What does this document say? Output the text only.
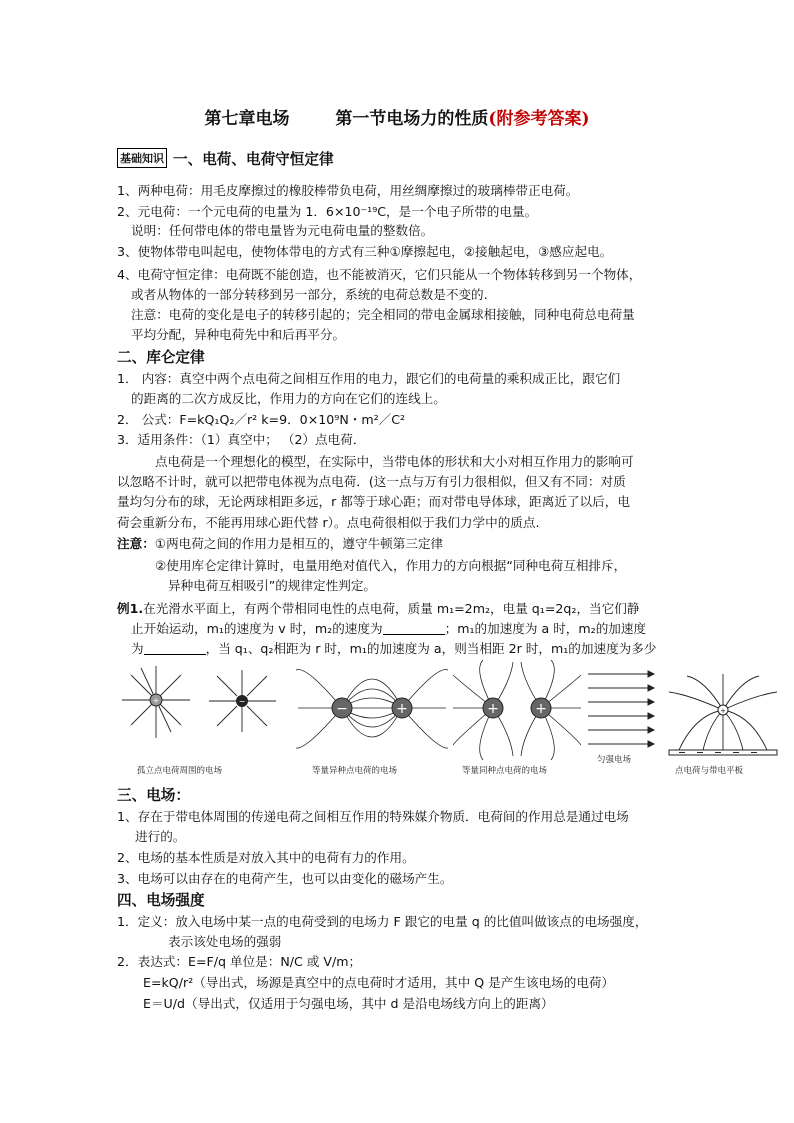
第七章电场	第一节电场力的性质(附参考答案)
基础知识 一、电荷、电荷守恒定律
1、两种电荷：用毛皮摩擦过的橡胶棒带负电荷，用丝绸摩擦过的玻璃棒带正电荷。
2、元电荷：一个元电荷的电量为 1．6×10⁻¹⁹C，是一个电子所带的电量。
说明：任何带电体的带电量皆为元电荷电量的整数倍。
3、使物体带电叫起电，使物体带电的方式有三种①摩擦起电，②接触起电，③感应起电。
4、电荷守恒定律：电荷既不能创造，也不能被消灭，它们只能从一个物体转移到另一个物体，
或者从物体的一部分转移到另一部分，系统的电荷总数是不变的.
注意：电荷的变化是电子的转移引起的；完全相同的带电金属球相接触，同种电荷总电荷量
平均分配，异种电荷先中和后再平分。
二、库仑定律
1． 内容：真空中两个点电荷之间相互作用的电力，跟它们的电荷量的乘积成正比，跟它们
的距离的二次方成反比，作用力的方向在它们的连线上。
2． 公式：F=kQ₁Q₂／r² k=9．0×10⁹N・m²／C²
3．适用条件：（1）真空中； （2）点电荷．
点电荷是一个理想化的模型，在实际中，当带电体的形状和大小对相互作用力的影响可
以忽略不计时，就可以把带电体视为点电荷．(这一点与万有引力很相似，但又有不同：对质
量均匀分布的球，无论两球相距多远，r 都等于球心距；而对带电导体球，距离近了以后，电
荷会重新分布，不能再用球心距代替 r）。点电荷很相似于我们力学中的质点.
注意：①两电荷之间的作用力是相互的，遵守牛顿第三定律
②使用库仑定律计算时，电量用绝对值代入，作用力的方向根据“同种电荷互相排斥，
异种电荷互相吸引”的规律定性判定。
例1.在光滑水平面上，有两个带相同电性的点电荷，质量 m₁=2m₂，电量 q₁=2q₂，当它们静
止开始运动，m₁的速度为 v 时，m₂的速度为	；m₁的加速度为 a 时，m₂的加速度
为	，当 q₁、q₂相距为 r 时，m₁的加速度为 a，则当相距 2r 时，m₁的加速度为多少
+	−	−	+	+	+	+
孤立点电荷周围的电场	等量异种点电荷的电场	等量同种点电荷的电场
匀强电场
点电荷与带电平板
三、电场：
1、存在于带电体周围的传递电荷之间相互作用的特殊媒介物质．电荷间的作用总是通过电场
进行的。
2、电场的基本性质是对放入其中的电荷有力的作用。
3、电场可以由存在的电荷产生，也可以由变化的磁场产生。
四、电场强度
1．定义：放入电场中某一点的电荷受到的电场力 F 跟它的电量 q 的比值叫做该点的电场强度，
表示该处电场的强弱
2．表达式：E=F/q 单位是：N/C 或 V/m；
E=kQ/r²（导出式，场源是真空中的点电荷时才适用，其中 Q 是产生该电场的电荷）
E＝U/d（导出式，仅适用于匀强电场，其中 d 是沿电场线方向上的距离）
